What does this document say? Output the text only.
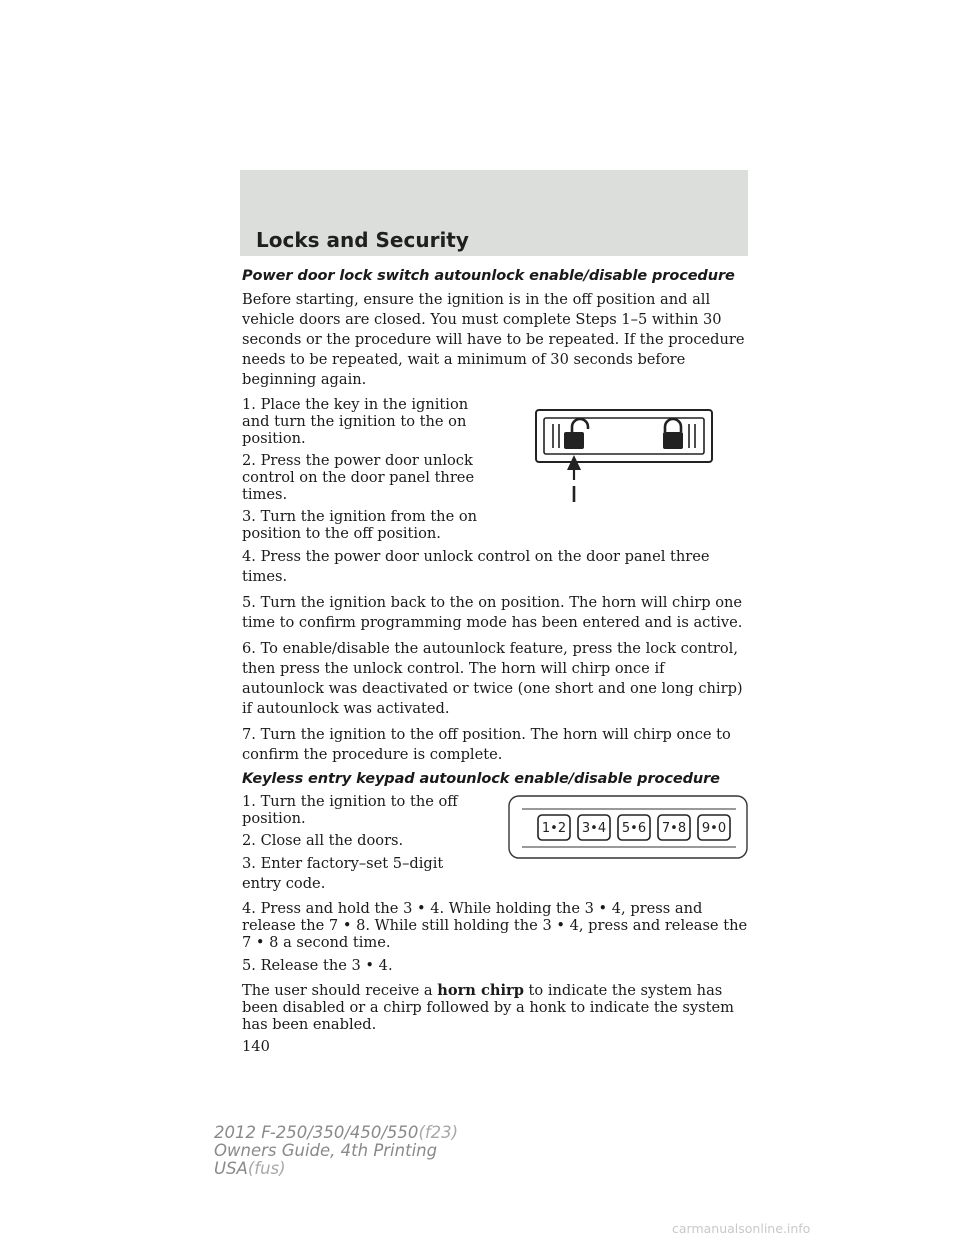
Locks and Security
Power door lock switch autounlock enable/disable procedure

Before starting, ensure the ignition is in the off position and all vehicle doors are closed. You must complete Steps 1–5 within 30 seconds or the procedure will have to be repeated. If the procedure needs to be repeated, wait a minimum of 30 seconds before beginning again.

1. Place the key in the ignition and turn the ignition to the on position.

2. Press the power door unlock control on the door panel three times.

3. Turn the ignition from the on position to the off position.

4. Press the power door unlock control on the door panel three times.

5. Turn the ignition back to the on position. The horn will chirp one time to confirm programming mode has been entered and is active.

6. To enable/disable the autounlock feature, press the lock control, then press the unlock control. The horn will chirp once if autounlock was deactivated or twice (one short and one long chirp) if autounlock was activated.

7. Turn the ignition to the off position. The horn will chirp once to confirm the procedure is complete.

Keyless entry keypad autounlock enable/disable procedure

1. Turn the ignition to the off position.

2. Close all the doors.

3. Enter factory–set 5–digit entry code.

1•2 3•4 5•6 7•8 9•0

4. Press and hold the 3 • 4. While holding the 3 • 4, press and release the 7 • 8. While still holding the 3 • 4, press and release the 7 • 8 a second time.

5. Release the 3 • 4.

The user should receive a horn chirp to indicate the system has been disabled or a chirp followed by a honk to indicate the system has been enabled.

140
2012 F-250/350/450/550(f23)
Owners Guide, 4th Printing
USA(fus)
carmanualsonline.info
